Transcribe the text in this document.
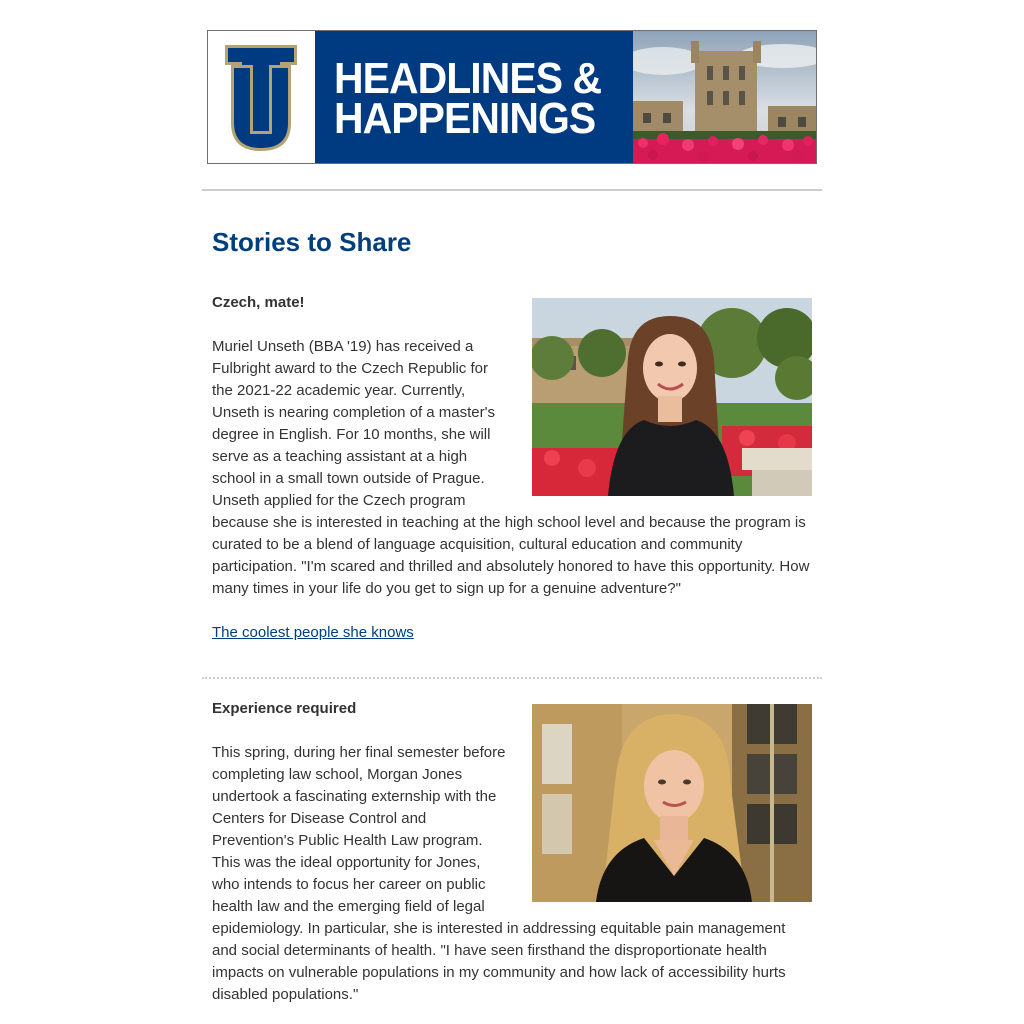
HEADLINES &
HAPPENINGS
Stories to Share
Czech, mate!

Muriel Unseth (BBA '19) has received a Fulbright award to the Czech Republic for the 2021-22 academic year. Currently, Unseth is nearing completion of a master's degree in English. For 10 months, she will serve as a teaching assistant at a high school in a small town outside of Prague. Unseth applied for the Czech program because she is interested in teaching at the high school level and because the program is curated to be a blend of language acquisition, cultural education and community participation. "I'm scared and thrilled and absolutely honored to have this opportunity. How many times in your life do you get to sign up for a genuine adventure?"

The coolest people she knows

Experience required

This spring, during her final semester before completing law school, Morgan Jones undertook a fascinating externship with the Centers for Disease Control and Prevention's Public Health Law program. This was the ideal opportunity for Jones, who intends to focus her career on public health law and the emerging field of legal epidemiology. In particular, she is interested in addressing equitable pain management and social determinants of health. "I have seen firsthand the disproportionate health impacts on vulnerable populations in my community and how lack of accessibility hurts disabled populations."
